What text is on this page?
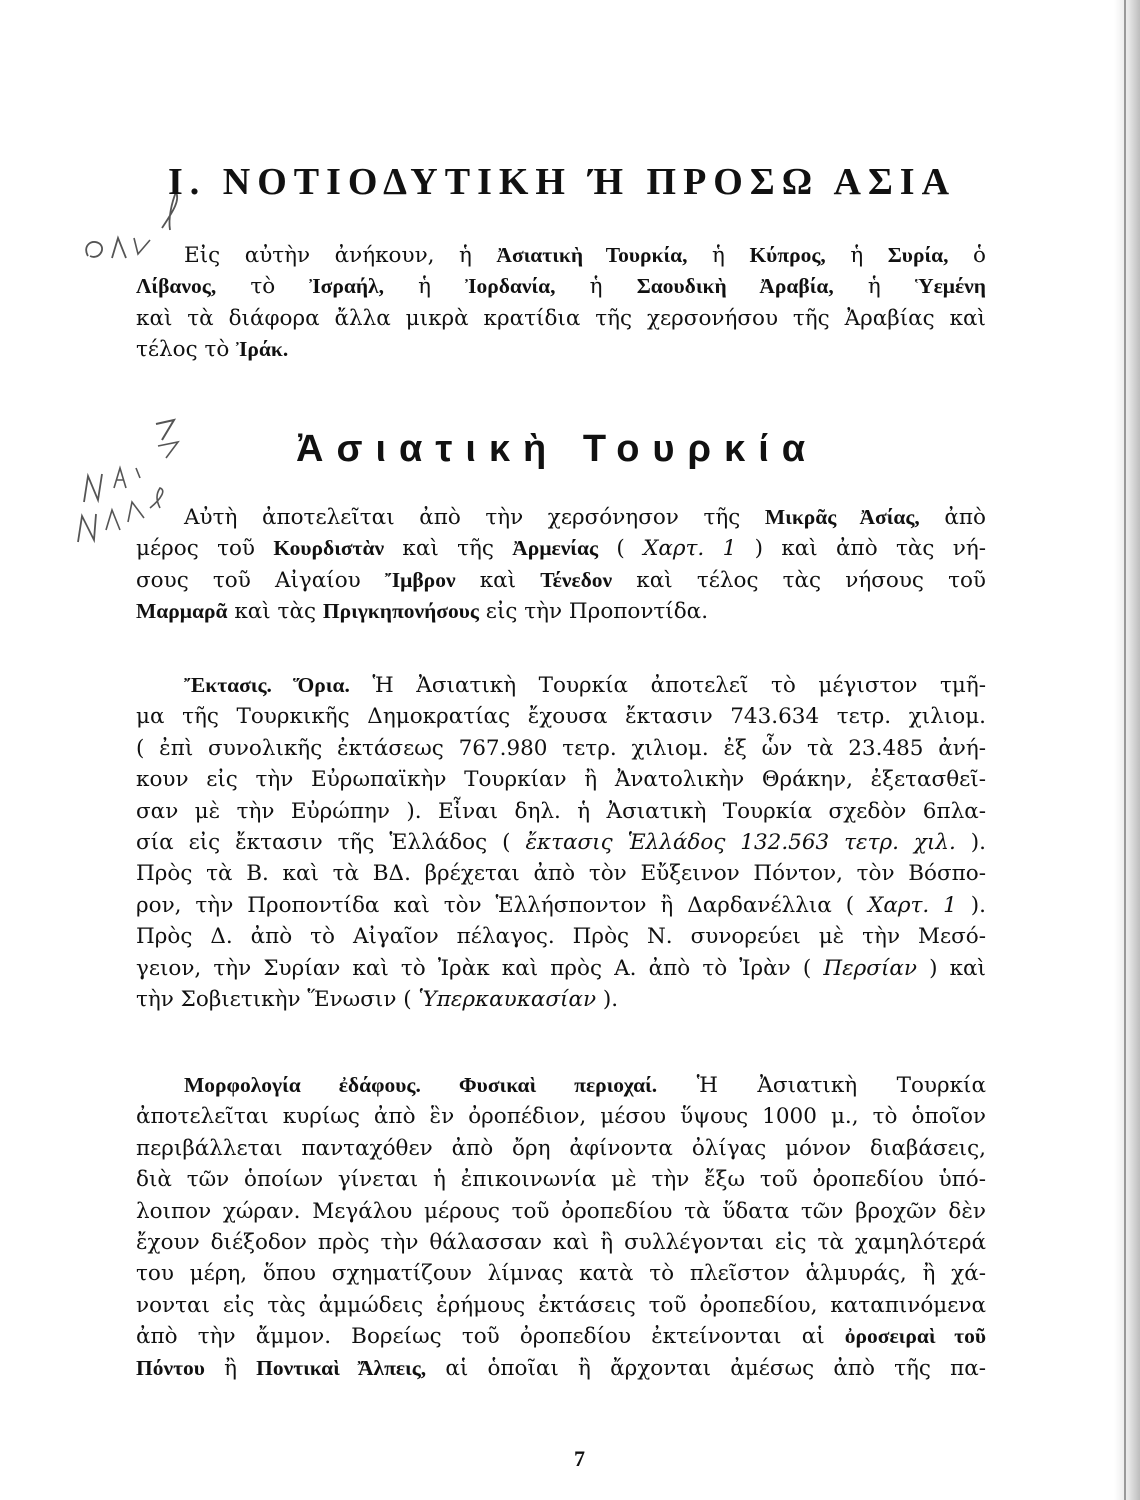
I. ΝΟΤΙΟΔΥΤΙΚΗ Ή ΠΡΟΣΩ ΑΣΙΑ
Εἰς αὐτὴν ἀνήκουν, ἡ Ἀσιατικὴ Τουρκία, ἡ Κύπρος, ἡ Συρία, ὁ
Λίβανος, τὸ Ἰσραήλ, ἡ Ἰορδανία, ἡ Σαουδικὴ Ἀραβία, ἡ Ὑεμένη
καὶ τὰ διάφορα ἄλλα μικρὰ κρατίδια τῆς χερσονήσου τῆς Ἀραβίας καὶ
τέλος τὸ Ἰράκ.
Ἀσιατικὴ Τουρκία
Αὐτὴ ἀποτελεῖται ἀπὸ τὴν χερσόνησον τῆς Μικρᾶς Ἀσίας, ἀπὸ
μέρος τοῦ Κουρδιστὰν καὶ τῆς Ἀρμενίας ( Χαρτ. 1 ) καὶ ἀπὸ τὰς νή-
σους τοῦ Αἰγαίου Ἴμβρον καὶ Τένεδον καὶ τέλος τὰς νήσους τοῦ
Μαρμαρᾶ καὶ τὰς Πριγκηπονήσους εἰς τὴν Προποντίδα.
Ἔκτασις. Ὅρια. Ἡ Ἀσιατικὴ Τουρκία ἀποτελεῖ τὸ μέγιστον τμῆ-
μα τῆς Τουρκικῆς Δημοκρατίας ἔχουσα ἔκτασιν 743.634 τετρ. χιλιομ.
( ἐπὶ συνολικῆς ἐκτάσεως 767.980 τετρ. χιλιομ. ἐξ ὧν τὰ 23.485 ἀνή-
κουν εἰς τὴν Εὐρωπαϊκὴν Τουρκίαν ἢ Ἀνατολικὴν Θράκην, ἐξετασθεῖ-
σαν μὲ τὴν Εὐρώπην ). Εἶναι δηλ. ἡ Ἀσιατικὴ Τουρκία σχεδὸν 6πλα-
σία εἰς ἔκτασιν τῆς Ἑλλάδος ( ἔκτασις Ἑλλάδος 132.563 τετρ. χιλ. ).
Πρὸς τὰ Β. καὶ τὰ ΒΔ. βρέχεται ἀπὸ τὸν Εὔξεινον Πόντον, τὸν Βόσπο-
ρον, τὴν Προποντίδα καὶ τὸν Ἑλλήσποντον ἢ Δαρδανέλλια ( Χαρτ. 1 ).
Πρὸς Δ. ἀπὸ τὸ Αἰγαῖον πέλαγος. Πρὸς Ν. συνορεύει μὲ τὴν Μεσό-
γειον, τὴν Συρίαν καὶ τὸ Ἰρὰκ καὶ πρὸς Α. ἀπὸ τὸ Ἰρὰν ( Περσίαν ) καὶ
τὴν Σοβιετικὴν Ἕνωσιν ( Ὑπερκαυκασίαν ).
Μορφολογία ἐδάφους. Φυσικαὶ περιοχαί. Ἡ Ἀσιατικὴ Τουρκία
ἀποτελεῖται κυρίως ἀπὸ ἓν ὀροπέδιον, μέσου ὕψους 1000 μ., τὸ ὁποῖον
περιβάλλεται πανταχόθεν ἀπὸ ὄρη ἀφίνοντα ὀλίγας μόνον διαβάσεις,
διὰ τῶν ὁποίων γίνεται ἡ ἐπικοινωνία μὲ τὴν ἔξω τοῦ ὀροπεδίου ὑπό-
λοιπον χώραν. Μεγάλου μέρους τοῦ ὀροπεδίου τὰ ὕδατα τῶν βροχῶν δὲν
ἔχουν διέξοδον πρὸς τὴν θάλασσαν καὶ ἢ συλλέγονται εἰς τὰ χαμηλότερά
του μέρη, ὅπου σχηματίζουν λίμνας κατὰ τὸ πλεῖστον ἁλμυράς, ἢ χά-
νονται εἰς τὰς ἀμμώδεις ἐρήμους ἐκτάσεις τοῦ ὀροπεδίου, καταπινόμενα
ἀπὸ τὴν ἄμμον. Βορείως τοῦ ὀροπεδίου ἐκτείνονται αἱ ὀροσειραὶ τοῦ
Πόντου ἢ Ποντικαὶ Ἄλπεις, αἱ ὁποῖαι ἢ ἄρχονται ἀμέσως ἀπὸ τῆς πα-
7
